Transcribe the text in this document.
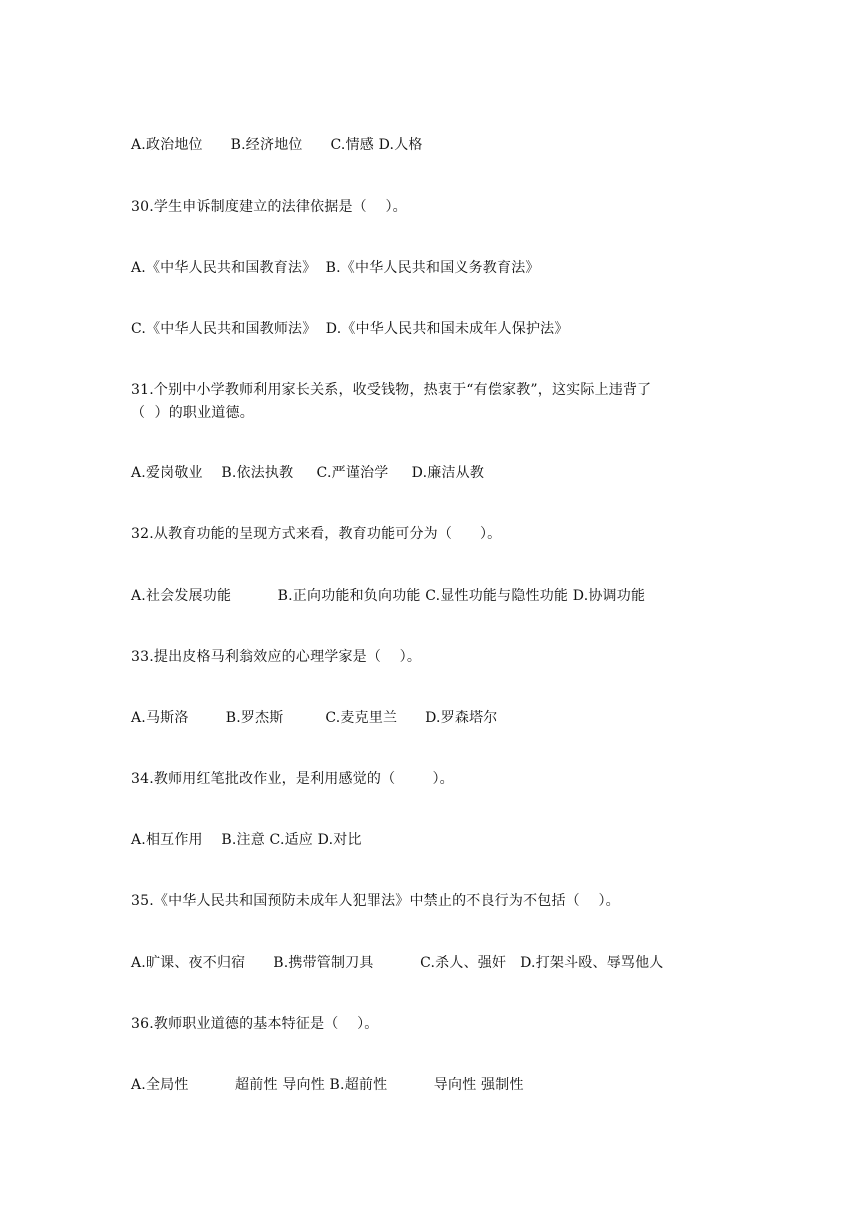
A.政治地位      B.经济地位      C.情感 D.人格
30.学生申诉制度建立的法律依据是（    ）。
A.《中华人民共和国教育法》  B.《中华人民共和国义务教育法》
C.《中华人民共和国教师法》  D.《中华人民共和国未成年人保护法》
31.个别中小学教师利用家长关系，收受钱物，热衷于“有偿家教”，这实际上违背了
（  ）的职业道德。
A.爱岗敬业    B.依法执教     C.严谨治学     D.廉洁从教
32.从教育功能的呈现方式来看，教育功能可分为（      ）。
A.社会发展功能          B.正向功能和负向功能 C.显性功能与隐性功能 D.协调功能
33.提出皮格马利翁效应的心理学家是（    ）。
A.马斯洛        B.罗杰斯         C.麦克里兰      D.罗森塔尔
34.教师用红笔批改作业，是利用感觉的（        ）。
A.相互作用    B.注意 C.适应 D.对比
35.《中华人民共和国预防未成年人犯罪法》中禁止的不良行为不包括（    ）。
A.旷课、夜不归宿      B.携带管制刀具          C.杀人、强奸   D.打架斗殴、辱骂他人
36.教师职业道德的基本特征是（    ）。
A.全局性          超前性 导向性 B.超前性          导向性 强制性
